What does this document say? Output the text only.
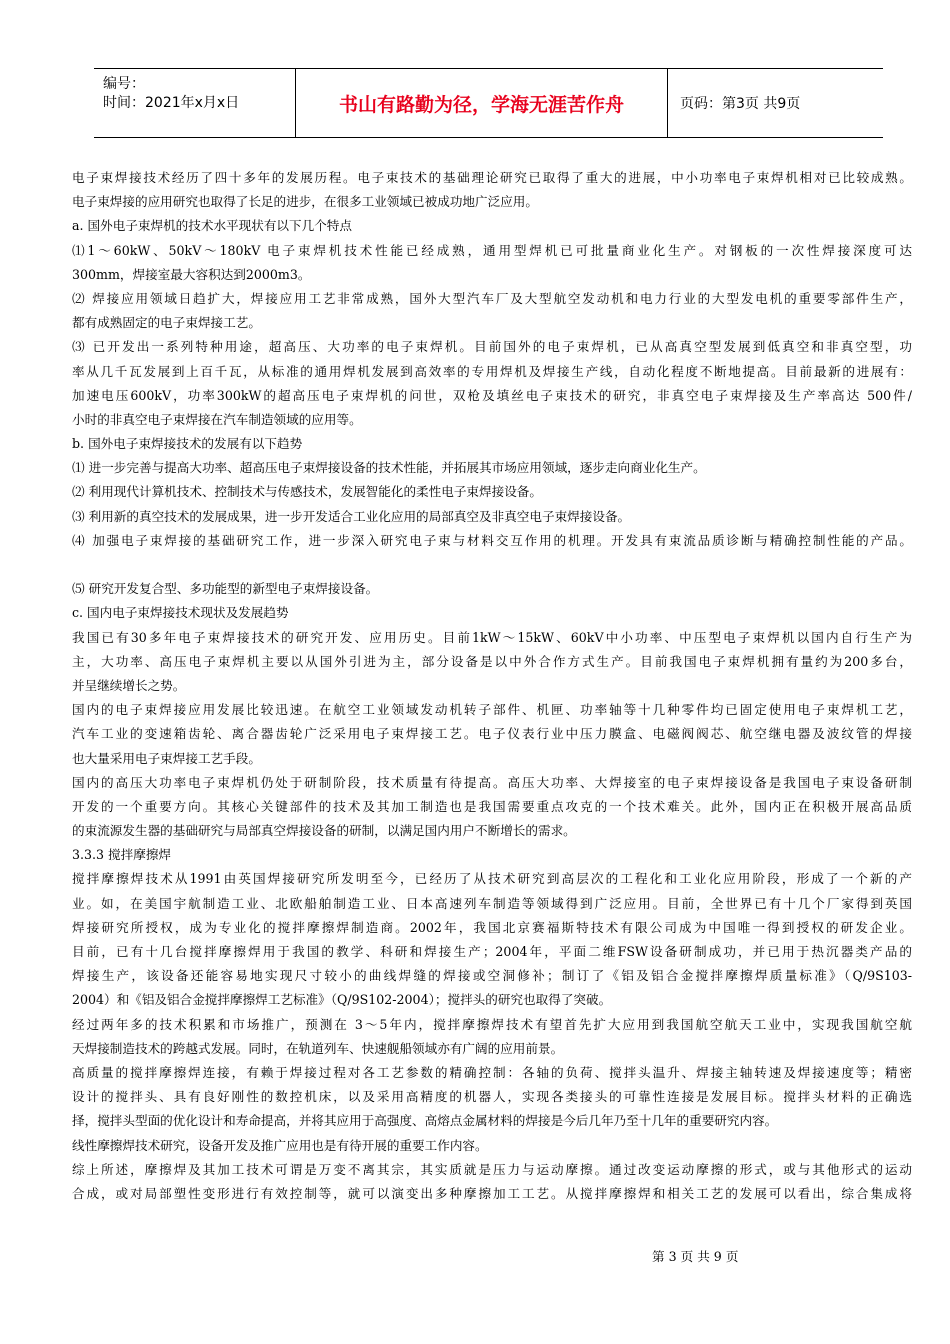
编号：
时间：2021年x月x日	书山有路勤为径，学海无涯苦作舟	页码：第3页 共9页
电子束焊接技术经历了四十多年的发展历程。电子束技术的基础理论研究已取得了重大的进展，中小功率电子束焊机相对已比较成熟。
电子束焊接的应用研究也取得了长足的进步，在很多工业领域已被成功地广泛应用。
a. 国外电子束焊机的技术水平现状有以下几个特点
⑴1～60kW、50kV～180kV 电子束焊机技术性能已经成熟，通用型焊机已可批量商业化生产。对钢板的一次性焊接深度可达
300mm，焊接室最大容积达到2000m3。
⑵ 焊接应用领域日趋扩大，焊接应用工艺非常成熟，国外大型汽车厂及大型航空发动机和电力行业的大型发电机的重要零部件生产，
都有成熟固定的电子束焊接工艺。
⑶ 已开发出一系列特种用途，超高压、大功率的电子束焊机。目前国外的电子束焊机，已从高真空型发展到低真空和非真空型，功
率从几千瓦发展到上百千瓦，从标准的通用焊机发展到高效率的专用焊机及焊接生产线，自动化程度不断地提高。目前最新的进展有：
加速电压600kV，功率300kW的超高压电子束焊机的问世，双枪及填丝电子束技术的研究，非真空电子束焊接及生产率高达 500件/
小时的非真空电子束焊接在汽车制造领域的应用等。
b. 国外电子束焊接技术的发展有以下趋势
⑴ 进一步完善与提高大功率、超高压电子束焊接设备的技术性能，并拓展其市场应用领域，逐步走向商业化生产。
⑵ 利用现代计算机技术、控制技术与传感技术，发展智能化的柔性电子束焊接设备。
⑶ 利用新的真空技术的发展成果，进一步开发适合工业化应用的局部真空及非真空电子束焊接设备。
⑷ 加强电子束焊接的基础研究工作，进一步深入研究电子束与材料交互作用的机理。开发具有束流品质诊断与精确控制性能的产品。
⑸ 研究开发复合型、多功能型的新型电子束焊接设备。
c. 国内电子束焊接技术现状及发展趋势
我国已有30多年电子束焊接技术的研究开发、应用历史。目前1kW～15kW、60kV中小功率、中压型电子束焊机以国内自行生产为
主，大功率、高压电子束焊机主要以从国外引进为主，部分设备是以中外合作方式生产。目前我国电子束焊机拥有量约为200多台，
并呈继续增长之势。
国内的电子束焊接应用发展比较迅速。在航空工业领域发动机转子部件、机匣、功率轴等十几种零件均已固定使用电子束焊机工艺，
汽车工业的变速箱齿轮、离合器齿轮广泛采用电子束焊接工艺。电子仪表行业中压力膜盒、电磁阀阀芯、航空继电器及波纹管的焊接
也大量采用电子束焊接工艺手段。
国内的高压大功率电子束焊机仍处于研制阶段，技术质量有待提高。高压大功率、大焊接室的电子束焊接设备是我国电子束设备研制
开发的一个重要方向。其核心关键部件的技术及其加工制造也是我国需要重点攻克的一个技术难关。此外，国内正在积极开展高品质
的束流源发生器的基础研究与局部真空焊接设备的研制，以满足国内用户不断增长的需求。
3.3.3 搅拌摩擦焊
搅拌摩擦焊技术从1991由英国焊接研究所发明至今，已经历了从技术研究到高层次的工程化和工业化应用阶段，形成了一个新的产
业。如，在美国宇航制造工业、北欧船舶制造工业、日本高速列车制造等领域得到广泛应用。目前，全世界已有十几个厂家得到英国
焊接研究所授权，成为专业化的搅拌摩擦焊制造商。2002年，我国北京赛福斯特技术有限公司成为中国唯一得到授权的研发企业。
目前，已有十几台搅拌摩擦焊用于我国的教学、科研和焊接生产；2004年，平面二维FSW设备研制成功，并已用于热沉器类产品的
焊接生产，该设备还能容易地实现尺寸较小的曲线焊缝的焊接或空洞修补；制订了《铝及铝合金搅拌摩擦焊质量标准》（Q/9S103-
2004）和《铝及铝合金搅拌摩擦焊工艺标准》（Q/9S102-2004）；搅拌头的研究也取得了突破。
经过两年多的技术积累和市场推广，预测在 3～5年内，搅拌摩擦焊技术有望首先扩大应用到我国航空航天工业中，实现我国航空航
天焊接制造技术的跨越式发展。同时，在轨道列车、快速舰船领域亦有广阔的应用前景。
高质量的搅拌摩擦焊连接，有赖于焊接过程对各工艺参数的精确控制：各轴的负荷、搅拌头温升、焊接主轴转速及焊接速度等；精密
设计的搅拌头、具有良好刚性的数控机床，以及采用高精度的机器人，实现各类接头的可靠性连接是发展目标。搅拌头材料的正确选
择，搅拌头型面的优化设计和寿命提高，并将其应用于高强度、高熔点金属材料的焊接是今后几年乃至十几年的重要研究内容。
线性摩擦焊技术研究，设备开发及推广应用也是有待开展的重要工作内容。
综上所述，摩擦焊及其加工技术可谓是万变不离其宗，其实质就是压力与运动摩擦。通过改变运动摩擦的形式，或与其他形式的运动
合成，或对局部塑性变形进行有效控制等，就可以演变出多种摩擦加工工艺。从搅拌摩擦焊和相关工艺的发展可以看出，综合集成将
第 3 页 共 9 页
